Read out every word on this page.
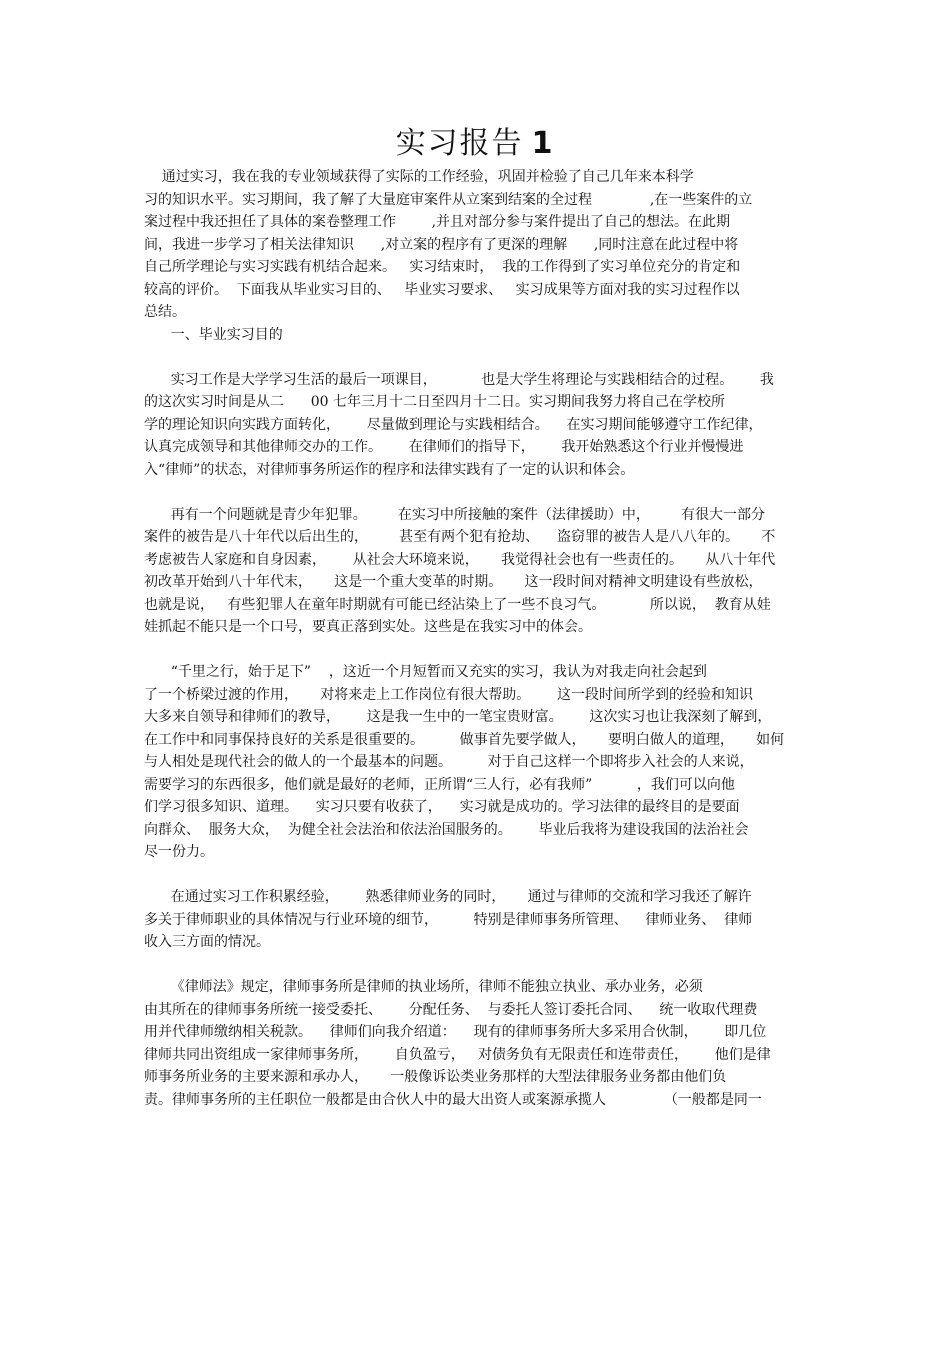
实习报告 1
通过实习，我在我的专业领域获得了实际的工作经验，巩固并检验了自己几年来本科学
习的知识水平。实习期间，我了解了大量庭审案件从立案到结案的全过程             ,在一些案件的立
案过程中我还担任了具体的案卷整理工作        ,并且对部分参与案件提出了自己的想法。在此期
间，我进一步学习了相关法律知识      ,对立案的程序有了更深的理解      ,同时注意在此过程中将
自己所学理论与实习实践有机结合起来。   实习结束时，  我的工作得到了实习单位充分的肯定和
较高的评价。  下面我从毕业实习目的、   毕业实习要求、   实习成果等方面对我的实习过程作以
总结。
一、毕业实习目的
实习工作是大学学习生活的最后一项课目，          也是大学生将理论与实践相结合的过程。      我
的这次实习时间是从二      00 七年三月十二日至四月十二日。实习期间我努力将自己在学校所
学的理论知识向实践方面转化，      尽量做到理论与实践相结合。    在实习期间能够遵守工作纪律，
认真完成领导和其他律师交办的工作。      在律师们的指导下，      我开始熟悉这个行业并慢慢进
入“律师”的状态，对律师事务所运作的程序和法律实践有了一定的认识和体会。
再有一个问题就是青少年犯罪。       在实习中所接触的案件（法律援助）中，       有很大一部分
案件的被告是八十年代以后出生的，       甚至有两个犯有抢劫、    盗窃罪的被告人是八八年的。     不
考虑被告人家庭和自身因素，      从社会大环境来说，     我觉得社会也有一些责任的。     从八十年代
初改革开始到八十年代末，     这是一个重大变革的时期。     这一段时间对精神文明建设有些放松，
也就是说，   有些犯罪人在童年时期就有可能已经沾染上了一些不良习气。          所以说，  教育从娃
娃抓起不能只是一个口号，要真正落到实处。这些是在我实习中的体会。
“千里之行，始于足下”    ，这近一个月短暂而又充实的实习，我认为对我走向社会起到
了一个桥梁过渡的作用，     对将来走上工作岗位有很大帮助。      这一段时间所学到的经验和知识
大多来自领导和律师们的教导，      这是我一生中的一笔宝贵财富。      这次实习也让我深刻了解到，
在工作中和同事保持良好的关系是很重要的。        做事首先要学做人，     要明白做人的道理，     如何
与人相处是现代社会的做人的一个最基本的问题。        对于自己这样一个即将步入社会的人来说，
需要学习的东西很多，他们就是最好的老师，正所谓“三人行，必有我师”          ，我们可以向他
们学习很多知识、道理。    实习只要有收获了，    实习就是成功的。学习法律的最终目的是要面
向群众、  服务大众，  为健全社会法治和依法治国服务的。      毕业后我将为建设我国的法治社会
尽一份力。
在通过实习工作积累经验，      熟悉律师业务的同时，     通过与律师的交流和学习我还了解许
多关于律师职业的具体情况与行业环境的细节，        特别是律师事务所管理、    律师业务、  律师
收入三方面的情况。
《律师法》规定，律师事务所是律师的执业场所，律师不能独立执业、承办业务，必须
由其所在的律师事务所统一接受委托、      分配任务、  与委托人签订委托合同、    统一收取代理费
用并代律师缴纳相关税款。    律师们向我介绍道：    现有的律师事务所大多采用合伙制，      即几位
律师共同出资组成一家律师事务所，      自负盈亏，   对债务负有无限责任和连带责任，      他们是律
师事务所业务的主要来源和承办人，     一般像诉讼类业务那样的大型法律服务业务都由他们负
责。律师事务所的主任职位一般都是由合伙人中的最大出资人或案源承揽人             （一般都是同一
